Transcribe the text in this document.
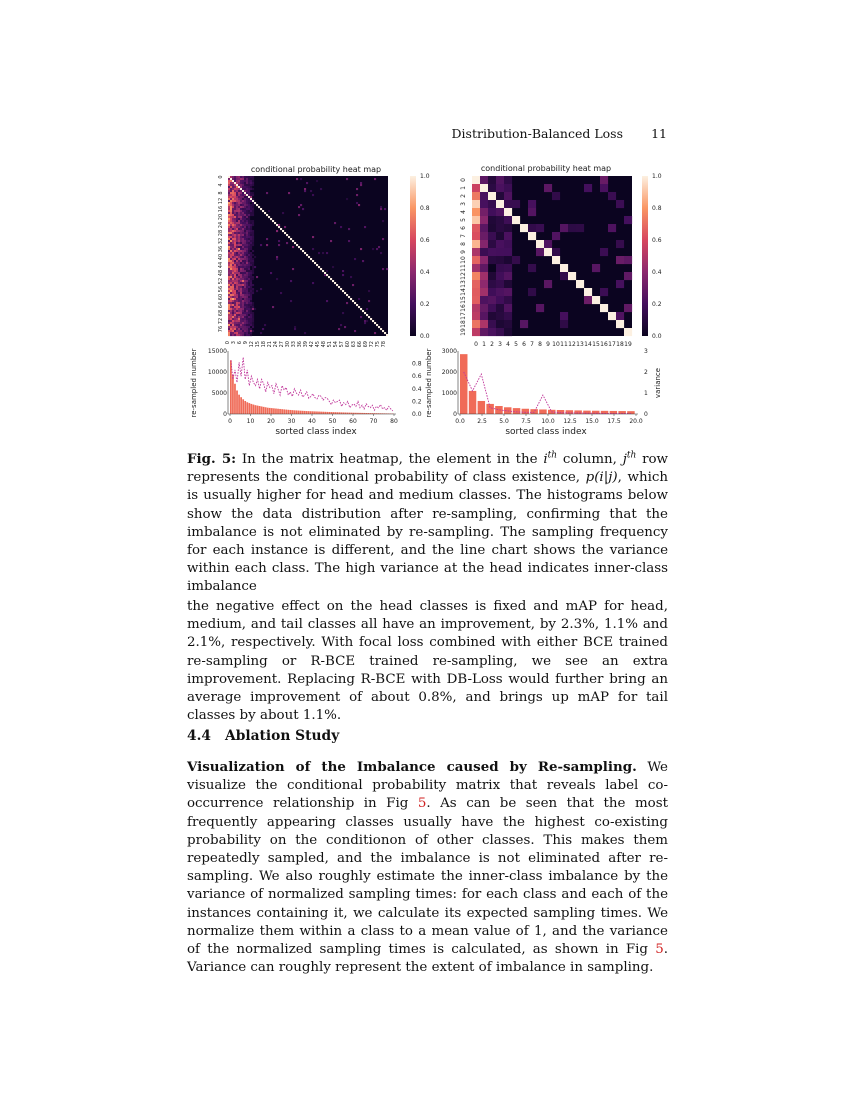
Distribution-Balanced Loss 11
conditional probability heat map
0
4
8
12
16
20
24
28
32
36
40
44
48
52
56
60
64
68
72
76
0 3 6 9 12 15 18 21 24 27 30 33 36 39 42 45 48 51 54 57 60 63 66 69 72 75 78
1.0
0.8
0.6
0.4
0.2
0.0
conditional probability heat map
0
1
2
3
4
5
6
7
8
9
10
11
12
13
14
15
16
17
18
19
0 1 2 3 4 5 6 7 8 9 10 11 12 13 14 15 16 17 18 19
1.0
0.8
0.6
0.4
0.2
0.0
0 10 20 30 40 50 60 70 80
15000
10000
5000
0
0.8
0.6
0.4
0.2
0.0
sorted class index
re-sampled number
0.0 2.5 5.0 7.5 10.0 12.5 15.0 17.5 20.0
3000
2000
1000
0
3
2
1
0
sorted class index
re-sampled number	variance

Fig. 5: In the matrix heatmap, the element in the $i^{th}$ column, $j^{th}$ row represents the conditional probability of class existence, p(i|j), which is usually higher for head and medium classes. The histograms below show the data distribution after re-sampling, confirming that the imbalance is not eliminated by re-sampling. The sampling frequency for each instance is different, and the line chart shows the variance within each class. The high variance at the head indicates inner-class imbalance

the negative effect on the head classes is fixed and mAP for head, medium, and tail classes all have an improvement, by 2.3%, 1.1% and 2.1%, respectively. With focal loss combined with either BCE trained re-sampling or R-BCE trained re-sampling, we see an extra improvement. Replacing R-BCE with DB-Loss would further bring an average improvement of about 0.8%, and brings up mAP for tail classes by about 1.1%.

4.4 Ablation Study

Visualization of the Imbalance caused by Re-sampling. We visualize the conditional probability matrix that reveals label co-occurrence relationship in Fig 5. As can be seen that the most frequently appearing classes usually have the highest co-existing probability on the conditionon of other classes. This makes them repeatedly sampled, and the imbalance is not eliminated after re-sampling. We also roughly estimate the inner-class imbalance by the variance of normalized sampling times: for each class and each of the instances containing it, we calculate its expected sampling times. We normalize them within a class to a mean value of 1, and the variance of the normalized sampling times is calculated, as shown in Fig 5. Variance can roughly represent the extent of imbalance in sampling.
